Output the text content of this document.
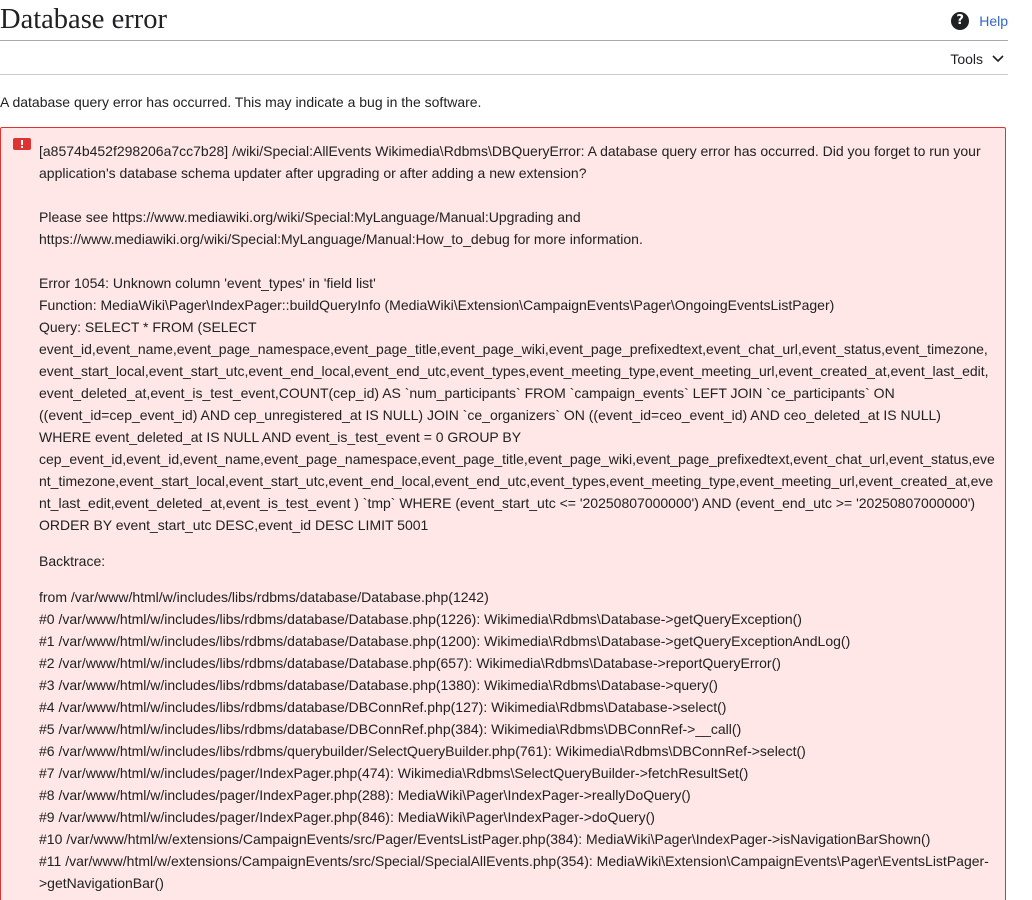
Database error	?	Help
Tools

A database query error has occurred. This may indicate a bug in the software.

[a8574b452f298206a7cc7b28] /wiki/Special:AllEvents Wikimedia\Rdbms\DBQueryError: A database query error has occurred. Did you forget to run your application's database schema updater after upgrading or after adding a new extension?

Please see https://www.mediawiki.org/wiki/Special:MyLanguage/Manual:Upgrading and

https://www.mediawiki.org/wiki/Special:MyLanguage/Manual:How_to_debug for more information.

Error 1054: Unknown column 'event_types' in 'field list'

Function: MediaWiki\Pager\IndexPager::buildQueryInfo (MediaWiki\Extension\CampaignEvents\Pager\OngoingEventsListPager)

Query: SELECT * FROM (SELECT
event_id,event_name,event_page_namespace,event_page_title,event_page_wiki,event_page_prefixedtext,event_chat_url,event_status,event_timezone,
event_start_local,event_start_utc,event_end_local,event_end_utc,event_types,event_meeting_type,event_meeting_url,event_created_at,event_last_edit,
event_deleted_at,event_is_test_event,COUNT(cep_id) AS `num_participants` FROM `campaign_events` LEFT JOIN `ce_participants` ON
((event_id=cep_event_id) AND cep_unregistered_at IS NULL) JOIN `ce_organizers` ON ((event_id=ceo_event_id) AND ceo_deleted_at IS NULL)
WHERE event_deleted_at IS NULL AND event_is_test_event = 0 GROUP BY
cep_event_id,event_id,event_name,event_page_namespace,event_page_title,event_page_wiki,event_page_prefixedtext,event_chat_url,event_status,eve
nt_timezone,event_start_local,event_start_utc,event_end_local,event_end_utc,event_types,event_meeting_type,event_meeting_url,event_created_at,eve
nt_last_edit,event_deleted_at,event_is_test_event ) `tmp` WHERE (event_start_utc <= '20250807000000') AND (event_end_utc >= '20250807000000')
ORDER BY event_start_utc DESC,event_id DESC LIMIT 5001

Backtrace:

from /var/www/html/w/includes/libs/rdbms/database/Database.php(1242)
#0 /var/www/html/w/includes/libs/rdbms/database/Database.php(1226): Wikimedia\Rdbms\Database->getQueryException()
#1 /var/www/html/w/includes/libs/rdbms/database/Database.php(1200): Wikimedia\Rdbms\Database->getQueryExceptionAndLog()
#2 /var/www/html/w/includes/libs/rdbms/database/Database.php(657): Wikimedia\Rdbms\Database->reportQueryError()
#3 /var/www/html/w/includes/libs/rdbms/database/Database.php(1380): Wikimedia\Rdbms\Database->query()
#4 /var/www/html/w/includes/libs/rdbms/database/DBConnRef.php(127): Wikimedia\Rdbms\Database->select()
#5 /var/www/html/w/includes/libs/rdbms/database/DBConnRef.php(384): Wikimedia\Rdbms\DBConnRef->__call()
#6 /var/www/html/w/includes/libs/rdbms/querybuilder/SelectQueryBuilder.php(761): Wikimedia\Rdbms\DBConnRef->select()
#7 /var/www/html/w/includes/pager/IndexPager.php(474): Wikimedia\Rdbms\SelectQueryBuilder->fetchResultSet()
#8 /var/www/html/w/includes/pager/IndexPager.php(288): MediaWiki\Pager\IndexPager->reallyDoQuery()
#9 /var/www/html/w/includes/pager/IndexPager.php(846): MediaWiki\Pager\IndexPager->doQuery()
#10 /var/www/html/w/extensions/CampaignEvents/src/Pager/EventsListPager.php(384): MediaWiki\Pager\IndexPager->isNavigationBarShown()
#11 /var/www/html/w/extensions/CampaignEvents/src/Special/SpecialAllEvents.php(354): MediaWiki\Extension\CampaignEvents\Pager\EventsListPager-
>getNavigationBar()
